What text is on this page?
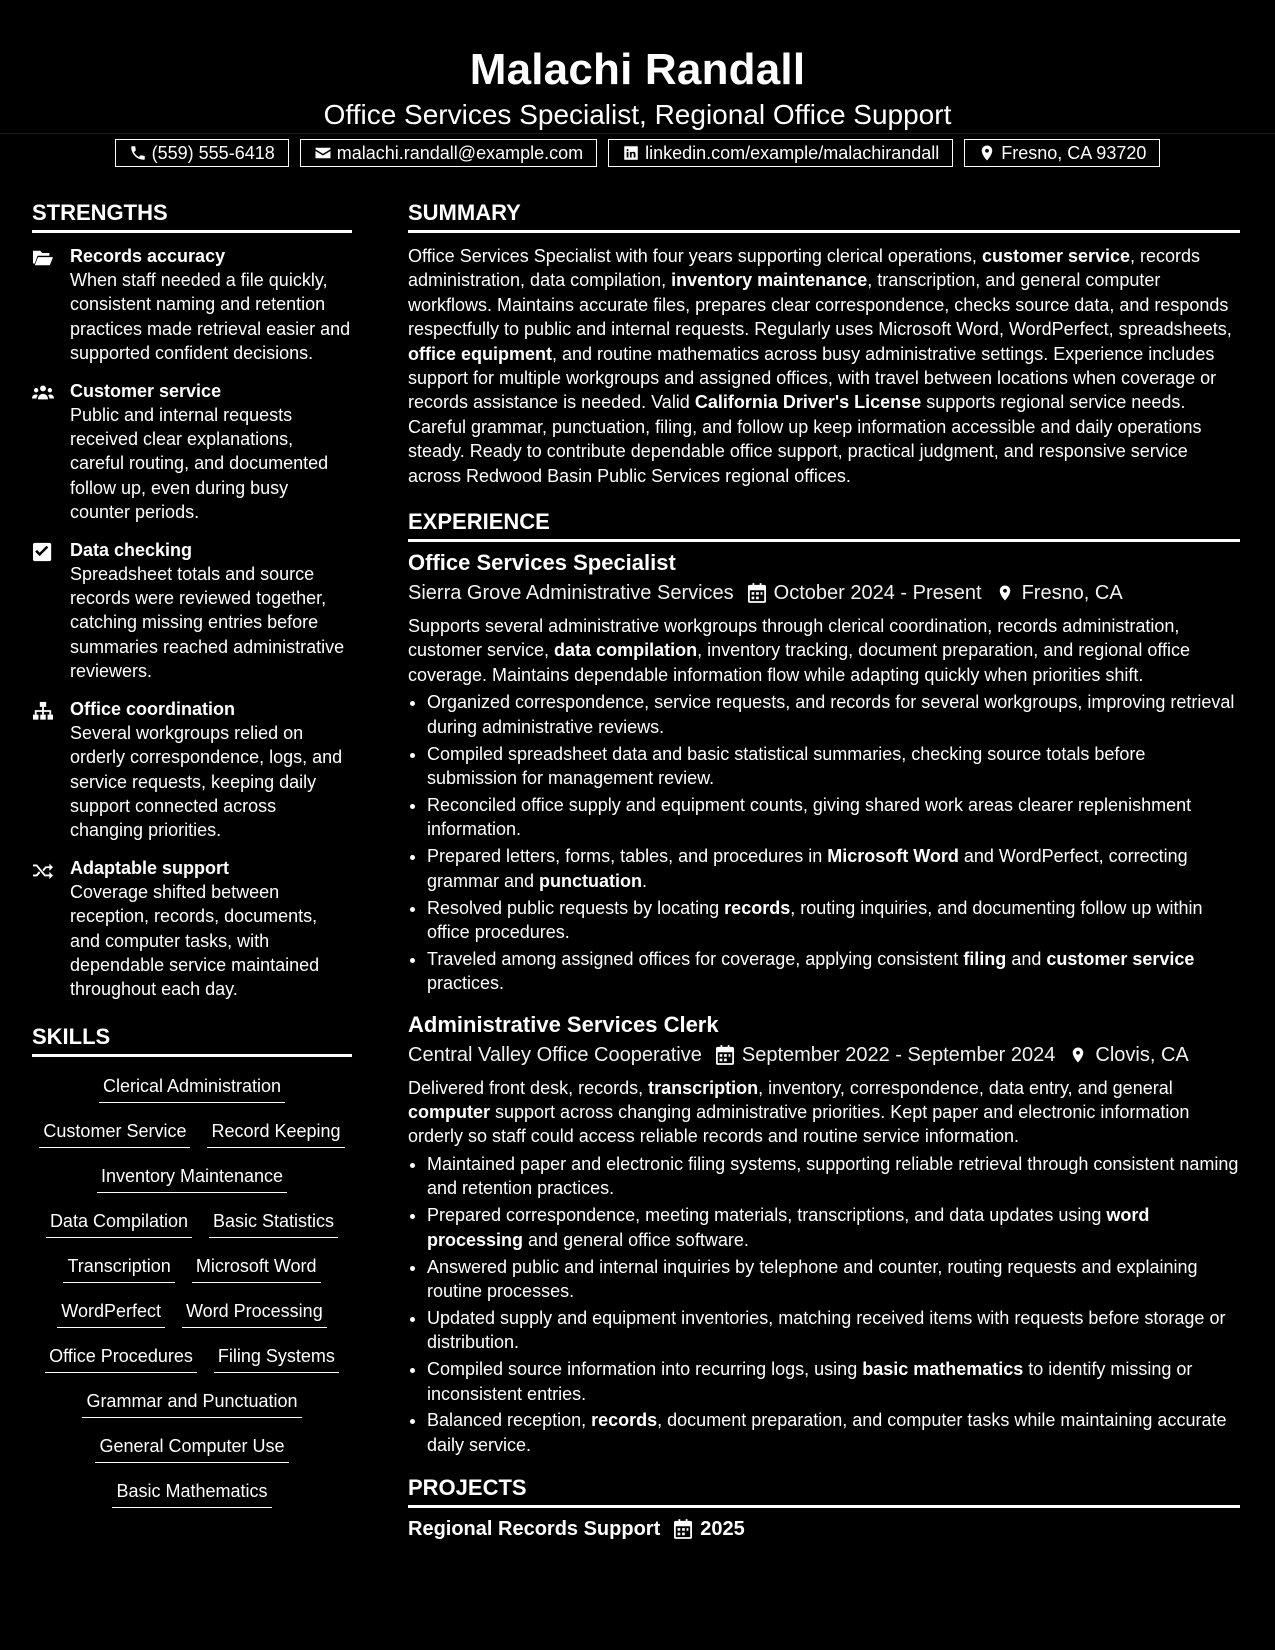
Malachi Randall
Office Services Specialist, Regional Office Support
(559) 555-6418	malachi.randall@example.com	linkedin.com/example/malachirandall	Fresno, CA 93720
STRENGTHS
Records accuracy
When staff needed a file quickly, consistent naming and retention practices made retrieval easier and supported confident decisions.
Customer service
Public and internal requests received clear explanations, careful routing, and documented follow up, even during busy counter periods.
Data checking
Spreadsheet totals and source records were reviewed together, catching missing entries before summaries reached administrative reviewers.
Office coordination
Several workgroups relied on orderly correspondence, logs, and service requests, keeping daily support connected across changing priorities.
Adaptable support
Coverage shifted between reception, records, documents, and computer tasks, with dependable service maintained throughout each day.
SKILLS
Clerical Administration
Customer Service Record Keeping
Inventory Maintenance
Data Compilation Basic Statistics
Transcription Microsoft Word
WordPerfect Word Processing
Office Procedures Filing Systems
Grammar and Punctuation
General Computer Use
Basic Mathematics
SUMMARY

Office Services Specialist with four years supporting clerical operations, customer service, records administration, data compilation, inventory maintenance, transcription, and general computer workflows. Maintains accurate files, prepares clear correspondence, checks source data, and responds respectfully to public and internal requests. Regularly uses Microsoft Word, WordPerfect, spreadsheets, office equipment, and routine mathematics across busy administrative settings. Experience includes support for multiple workgroups and assigned offices, with travel between locations when coverage or records assistance is needed. Valid California Driver's License supports regional service needs. Careful grammar, punctuation, filing, and follow up keep information accessible and daily operations steady. Ready to contribute dependable office support, practical judgment, and responsive service across Redwood Basin Public Services regional offices.

EXPERIENCE
Office Services Specialist
Sierra Grove Administrative Services October 2024 - Present Fresno, CA

Supports several administrative workgroups through clerical coordination, records administration, customer service, data compilation, inventory tracking, document preparation, and regional office coverage. Maintains dependable information flow while adapting quickly when priorities shift.

• Organized correspondence, service requests, and records for several workgroups, improving retrieval during administrative reviews.
• Compiled spreadsheet data and basic statistical summaries, checking source totals before submission for management review.
• Reconciled office supply and equipment counts, giving shared work areas clearer replenishment information.
• Prepared letters, forms, tables, and procedures in Microsoft Word and WordPerfect, correcting grammar and punctuation.
• Resolved public requests by locating records, routing inquiries, and documenting follow up within office procedures.
• Traveled among assigned offices for coverage, applying consistent filing and customer service practices.
Administrative Services Clerk
Central Valley Office Cooperative September 2022 - September 2024 Clovis, CA

Delivered front desk, records, transcription, inventory, correspondence, data entry, and general computer support across changing administrative priorities. Kept paper and electronic information orderly so staff could access reliable records and routine service information.

• Maintained paper and electronic filing systems, supporting reliable retrieval through consistent naming and retention practices.
• Prepared correspondence, meeting materials, transcriptions, and data updates using word processing and general office software.
• Answered public and internal inquiries by telephone and counter, routing requests and explaining routine processes.
• Updated supply and equipment inventories, matching received items with requests before storage or distribution.
• Compiled source information into recurring logs, using basic mathematics to identify missing or inconsistent entries.
• Balanced reception, records, document preparation, and computer tasks while maintaining accurate daily service.
PROJECTS
Regional Records Support 2025
